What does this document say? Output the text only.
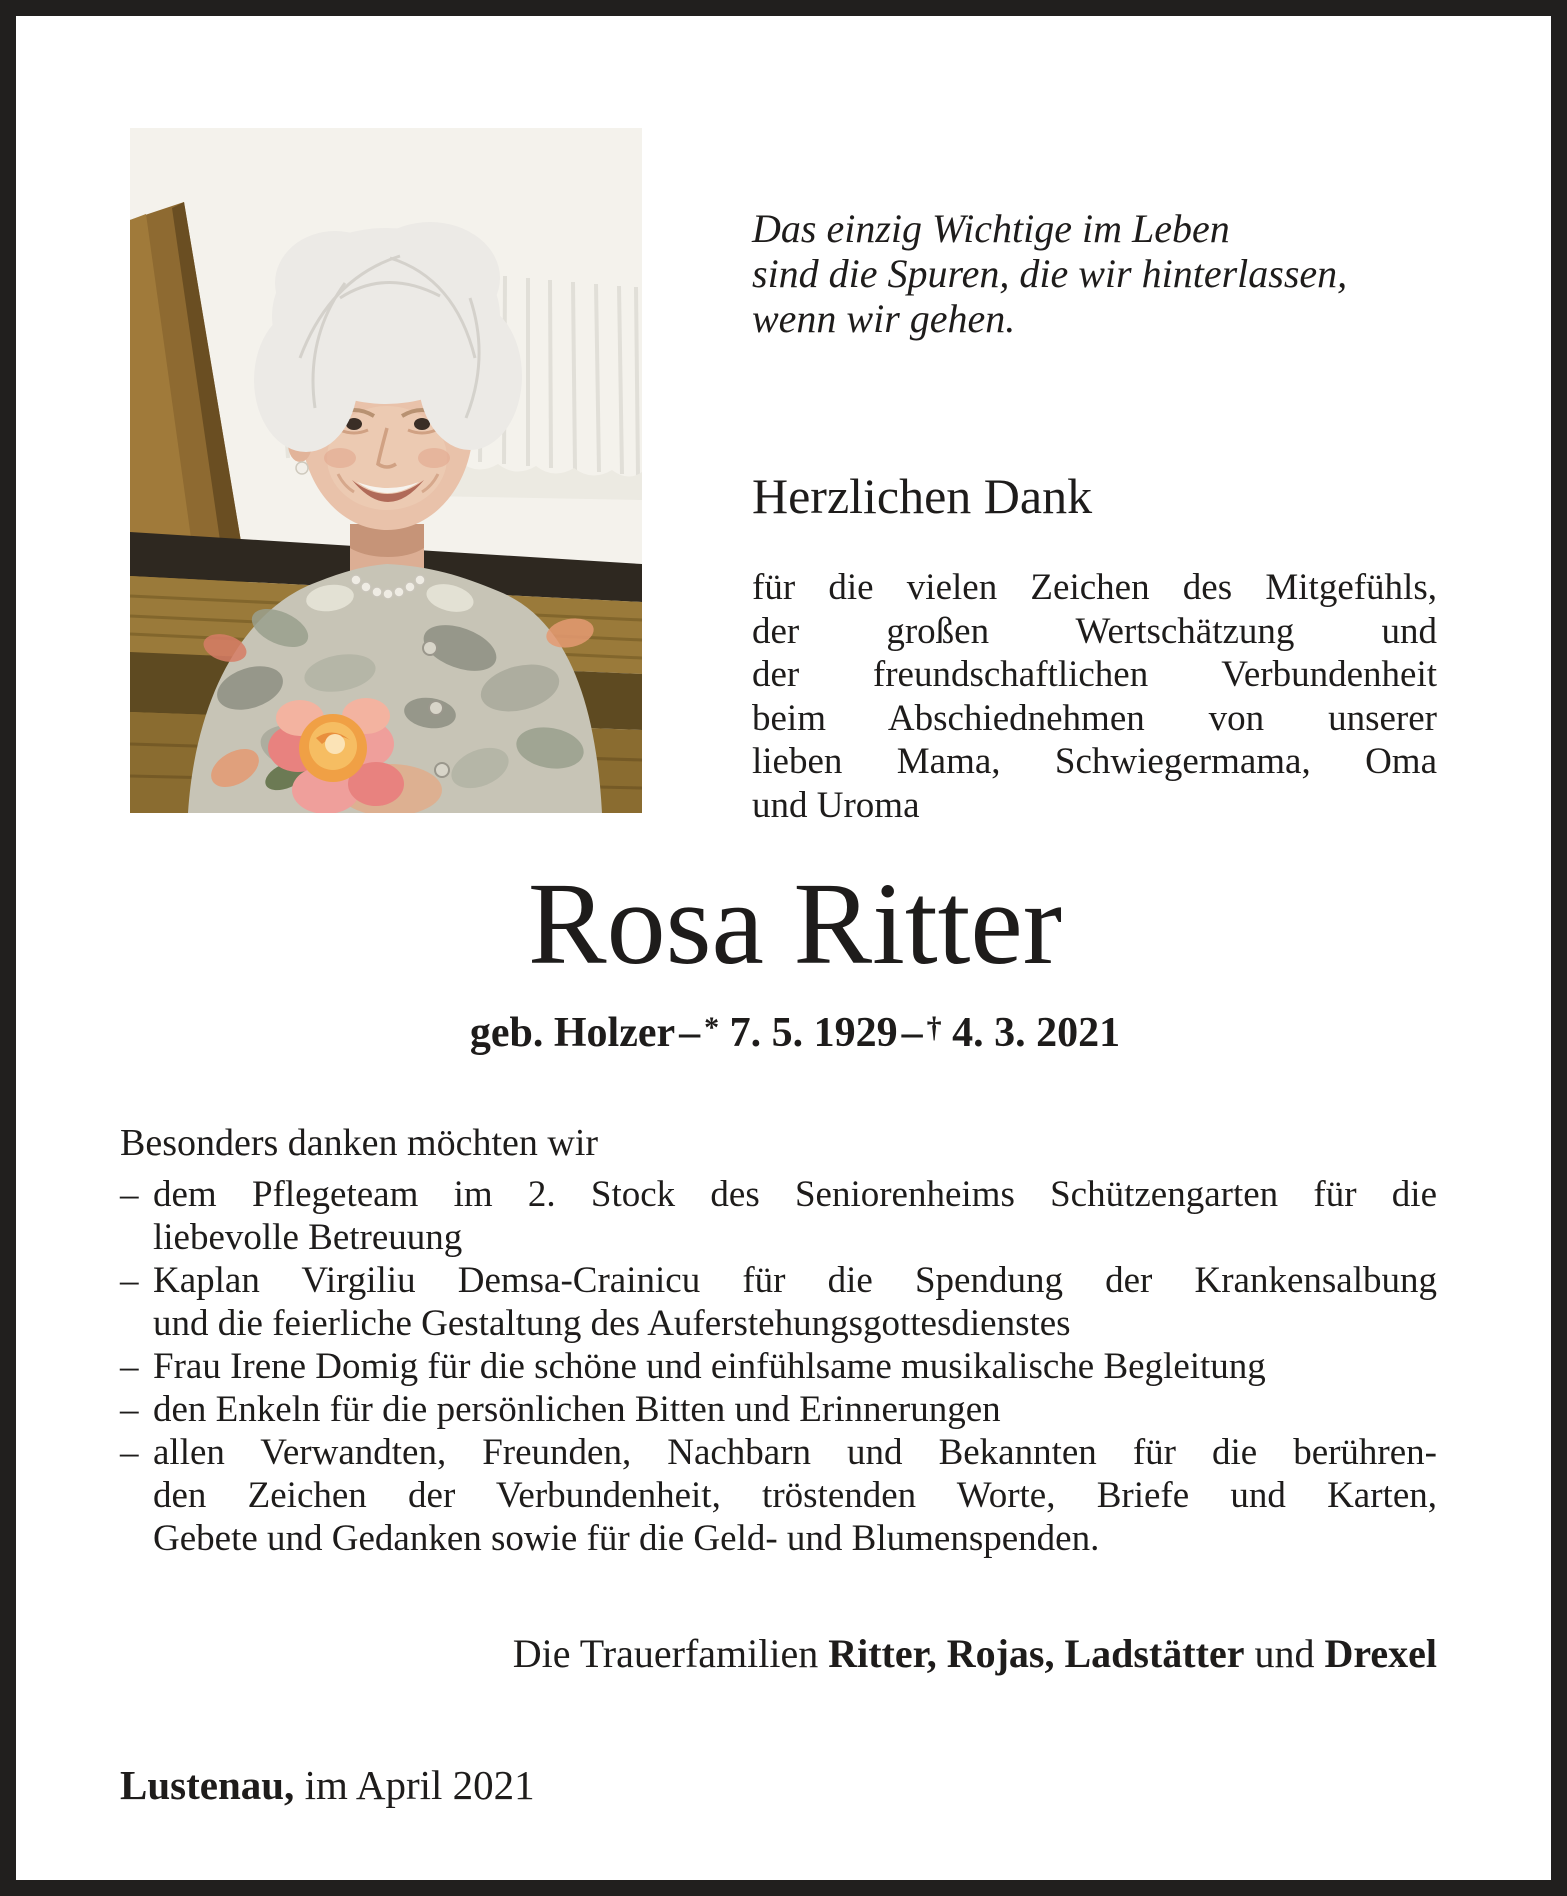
Das einzig Wichtige im Leben
sind die Spuren, die wir hinterlassen,
wenn wir gehen.
Herzlichen Dank
für die vielen Zeichen des Mitgefühls,
der großen Wertschätzung und
der freundschaftlichen Verbundenheit
beim Abschiednehmen von unserer
lieben Mama, Schwiegermama, Oma
und Uroma
Rosa Ritter
geb. Holzer– * 7. 5. 1929– † 4. 3. 2021
Besonders danken möchten wir
– dem Pflegeteam im 2. Stock des Seniorenheims Schützengarten für die
liebevolle Betreuung
– Kaplan Virgiliu Demsa-Crainicu für die Spendung der Krankensalbung
und die feierliche Gestaltung des Auferstehungsgottesdienstes
– Frau Irene Domig für die schöne und einfühlsame musikalische Begleitung
– den Enkeln für die persönlichen Bitten und Erinnerungen
– allen Verwandten, Freunden, Nachbarn und Bekannten für die berühren-
den Zeichen der Verbundenheit, tröstenden Worte, Briefe und Karten,
Gebete und Gedanken sowie für die Geld- und Blumenspenden.
Die Trauerfamilien Ritter, Rojas, Ladstätter und Drexel
Lustenau, im April 2021
